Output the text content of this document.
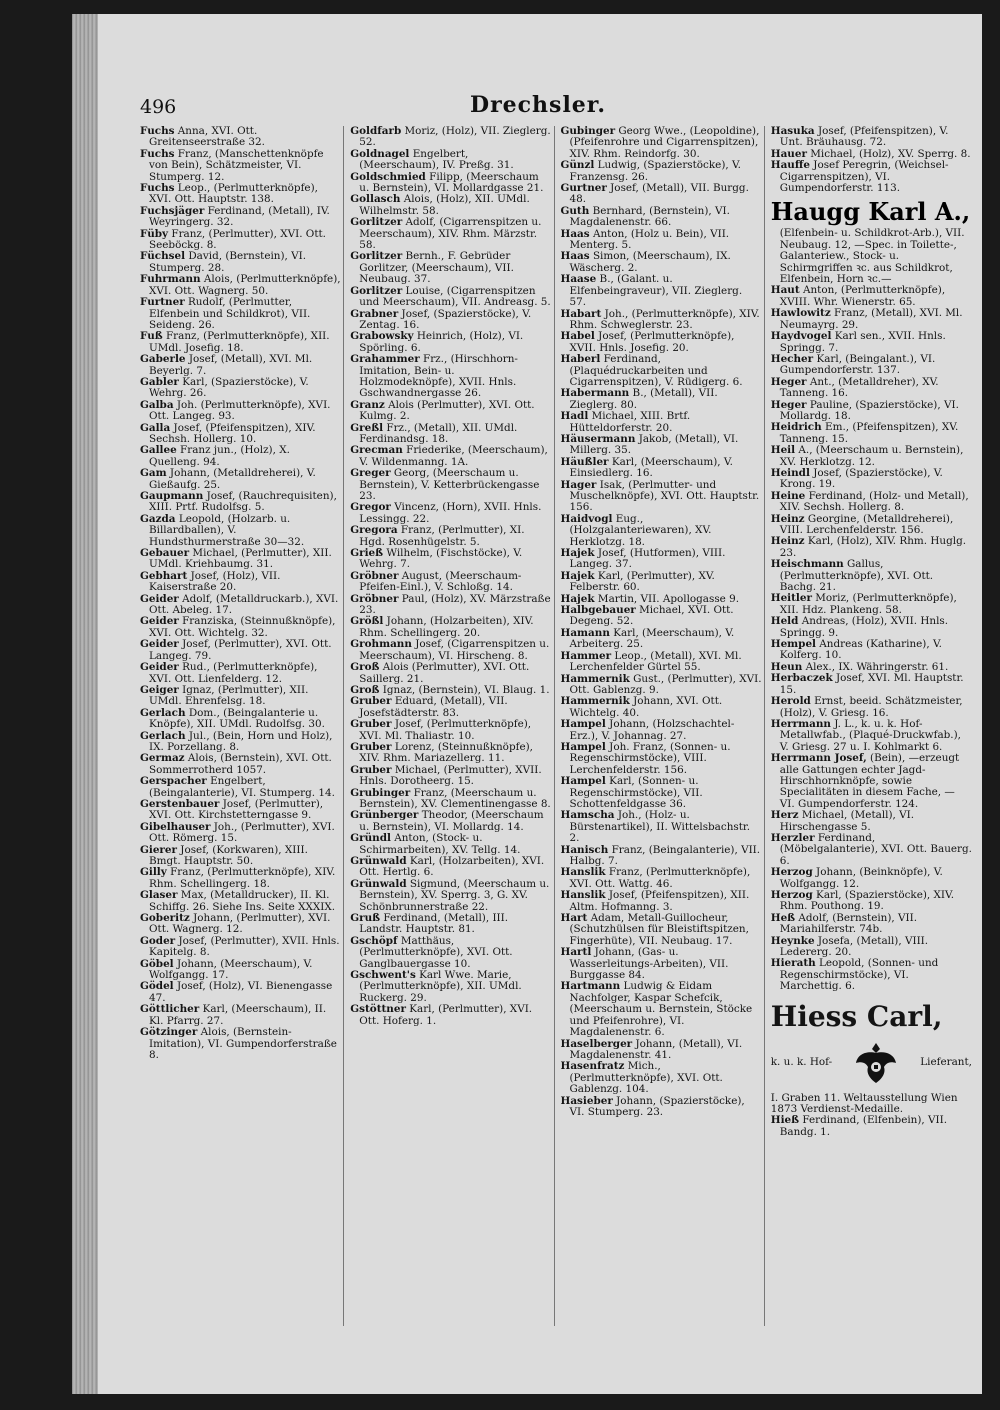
496	Drechsler.
Fuchs Anna, XVI. Ott. Greitenseerstraße 32.
Fuchs Franz, (Manschettenknöpfe von Bein), Schätzmeister, VI. Stumperg. 12.
Fuchs Leop., (Perlmutterknöpfe), XVI. Ott. Hauptstr. 138.
Fuchsjäger Ferdinand, (Metall), IV. Weyringerg. 32.
Füby Franz, (Perlmutter), XVI. Ott. Seeböckg. 8.
Füchsel David, (Bernstein), VI. Stumperg. 28.
Fuhrmann Alois, (Perlmutterknöpfe), XVI. Ott. Wagnerg. 50.
Furtner Rudolf, (Perlmutter, Elfenbein und Schildkrot), VII. Seideng. 26.
Fuß Franz, (Perlmutterknöpfe), XII. UMdl. Josefig. 18.
Gaberle Josef, (Metall), XVI. Ml. Beyerlg. 7.
Gabler Karl, (Spazierstöcke), V. Wehrg. 26.
Galba Joh. (Perlmutterknöpfe), XVI. Ott. Langeg. 93.
Galla Josef, (Pfeifenspitzen), XIV. Sechsh. Hollerg. 10.
Gallee Franz jun., (Holz), X. Quelleng. 94.
Gam Johann, (Metalldreherei), V. Gießaufg. 25.
Gaupmann Josef, (Rauchrequisiten), XIII. Prtf. Rudolfsg. 5.
Gazda Leopold, (Holzarb. u. Billardballen), V. Hundsthurmerstraße 30—32.
Gebauer Michael, (Perlmutter), XII. UMdl. Kriehbaumg. 31.
Gebhart Josef, (Holz), VII. Kaiserstraße 20.
Geider Adolf, (Metalldruckarb.), XVI. Ott. Abeleg. 17.
Geider Franziska, (Steinnußknöpfe), XVI. Ott. Wichtelg. 32.
Geider Josef, (Perlmutter), XVI. Ott. Langeg. 79.
Geider Rud., (Perlmutterknöpfe), XVI. Ott. Lienfelderg. 12.
Geiger Ignaz, (Perlmutter), XII. UMdl. Ehrenfelsg. 18.
Gerlach Dom., (Beingalanterie u. Knöpfe), XII. UMdl. Rudolfsg. 30.
Gerlach Jul., (Bein, Horn und Holz), IX. Porzellang. 8.
Germaz Alois, (Bernstein), XVI. Ott. Sommerrotherd 1057.
Gerspacher Engelbert, (Beingalanterie), VI. Stumperg. 14.
Gerstenbauer Josef, (Perlmutter), XVI. Ott. Kirchstetterngasse 9.
Gibelhauser Joh., (Perlmutter), XVI. Ott. Römerg. 15.
Gierer Josef, (Korkwaren), XIII. Bmgt. Hauptstr. 50.
Gilly Franz, (Perlmutterknöpfe), XIV. Rhm. Schellingerg. 18.
Glaser Max, (Metalldrucker), II. Kl. Schiffg. 26. Siehe Ins. Seite XXXIX.
Goberitz Johann, (Perlmutter), XVI. Ott. Wagnerg. 12.
Goder Josef, (Perlmutter), XVII. Hnls. Kapitelg. 8.
Göbel Johann, (Meerschaum), V. Wolfgangg. 17.
Gödel Josef, (Holz), VI. Bienengasse 47.
Göttlicher Karl, (Meerschaum), II. Kl. Pfarrg. 27.
Götzinger Alois, (Bernstein-Imitation), VI. Gumpendorferstraße 8.
Goldfarb Moriz, (Holz), VII. Zieglerg. 52.
Goldnagel Engelbert, (Meerschaum), IV. Preßg. 31.
Goldschmied Filipp, (Meerschaum u. Bernstein), VI. Mollardgasse 21.
Gollasch Alois, (Holz), XII. UMdl. Wilhelmstr. 58.
Gorlitzer Adolf, (Cigarrenspitzen u. Meerschaum), XIV. Rhm. Märzstr. 58.
Gorlitzer Bernh., F. Gebrüder Gorlitzer, (Meerschaum), VII. Neubaug. 37.
Gorlitzer Louise, (Cigarrenspitzen und Meerschaum), VII. Andreasg. 5.
Grabner Josef, (Spazierstöcke), V. Zentag. 16.
Grabowsky Heinrich, (Holz), VI. Spörling. 6.
Grahammer Frz., (Hirschhorn-Imitation, Bein- u. Holzmodeknöpfe), XVII. Hnls. Gschwandnergasse 26.
Granz Alois (Perlmutter), XVI. Ott. Kulmg. 2.
Greßl Frz., (Metall), XII. UMdl. Ferdinandsg. 18.
Grecman Friederike, (Meerschaum), V. Wildenmanng. 1A.
Greger Georg, (Meerschaum u. Bernstein), V. Ketterbrückengasse 23.
Gregor Vincenz, (Horn), XVII. Hnls. Lessingg. 22.
Gregora Franz, (Perlmutter), XI. Hgd. Rosenhügelstr. 5.
Grieß Wilhelm, (Fischstöcke), V. Wehrg. 7.
Gröbner August, (Meerschaum-Pfeifen-Einl.), V. Schloßg. 14.
Gröbner Paul, (Holz), XV. Märzstraße 23.
Größl Johann, (Holzarbeiten), XIV. Rhm. Schellingerg. 20.
Grohmann Josef, (Cigarrenspitzen u. Meerschaum), VI. Hirscheng. 8.
Groß Alois (Perlmutter), XVI. Ott. Saillerg. 21.
Groß Ignaz, (Bernstein), VI. Blaug. 1.
Gruber Eduard, (Metall), VII. Josefstädterstr. 83.
Gruber Josef, (Perlmutterknöpfe), XVI. Ml. Thaliastr. 10.
Gruber Lorenz, (Steinnußknöpfe), XIV. Rhm. Mariazellerg. 11.
Gruber Michael, (Perlmutter), XVII. Hnls. Dorotheerg. 15.
Grubinger Franz, (Meerschaum u. Bernstein), XV. Clementinengasse 8.
Grünberger Theodor, (Meerschaum u. Bernstein), VI. Mollardg. 14.
Gründl Anton, (Stock- u. Schirmarbeiten), XV. Tellg. 14.
Grünwald Karl, (Holzarbeiten), XVI. Ott. Hertlg. 6.
Grünwald Sigmund, (Meerschaum u. Bernstein), XV. Sperrg. 3, G. XV. Schönbrunnerstraße 22.
Gruß Ferdinand, (Metall), III. Landstr. Hauptstr. 81.
Gschöpf Matthäus, (Perlmutterknöpfe), XVI. Ott. Ganglbauergasse 10.
Gschwent's Karl Wwe. Marie, (Perlmutterknöpfe), XII. UMdl. Ruckerg. 29.
Gstöttner Karl, (Perlmutter), XVI. Ott. Hoferg. 1.
Gubinger Georg Wwe., (Leopoldine), (Pfeifenrohre und Cigarrenspitzen), XIV. Rhm. Reindorfg. 30.
Günzl Ludwig, (Spazierstöcke), V. Franzensg. 26.
Gurtner Josef, (Metall), VII. Burgg. 48.
Guth Bernhard, (Bernstein), VI. Magdalenenstr. 66.
Haas Anton, (Holz u. Bein), VII. Menterg. 5.
Haas Simon, (Meerschaum), IX. Wäscherg. 2.
Haase B., (Galant. u. Elfenbeingraveur), VII. Zieglerg. 57.
Habart Joh., (Perlmutterknöpfe), XIV. Rhm. Schweglerstr. 23.
Habel Josef, (Perlmutterknöpfe), XVII. Hnls. Josefig. 20.
Haberl Ferdinand, (Plaquédruckarbeiten und Cigarrenspitzen), V. Rüdigerg. 6.
Habermann B., (Metall), VII. Zieglerg. 80.
Hadl Michael, XIII. Brtf. Hütteldorferstr. 20.
Häusermann Jakob, (Metall), VI. Millerg. 35.
Häußler Karl, (Meerschaum), V. Einsiedlerg. 16.
Hager Isak, (Perlmutter- und Muschelknöpfe), XVI. Ott. Hauptstr. 156.
Haidvogl Eug., (Holzgalanteriewaren), XV. Herklotzg. 18.
Hajek Josef, (Hutformen), VIII. Langeg. 37.
Hajek Karl, (Perlmutter), XV. Felberstr. 60.
Hajek Martin, VII. Apollogasse 9.
Halbgebauer Michael, XVI. Ott. Degeng. 52.
Hamann Karl, (Meerschaum), V. Arbeiterg. 25.
Hammer Leop., (Metall), XVI. Ml. Lerchenfelder Gürtel 55.
Hammernik Gust., (Perlmutter), XVI. Ott. Gablenzg. 9.
Hammernik Johann, XVI. Ott. Wichtelg. 40.
Hampel Johann, (Holzschachtel-Erz.), V. Johannag. 27.
Hampel Joh. Franz, (Sonnen- u. Regenschirmstöcke), VIII. Lerchenfelderstr. 156.
Hampel Karl, (Sonnen- u. Regenschirmstöcke), VII. Schottenfeldgasse 36.
Hamscha Joh., (Holz- u. Bürstenartikel), II. Wittelsbachstr. 2.
Hanisch Franz, (Beingalanterie), VII. Halbg. 7.
Hanslik Franz, (Perlmutterknöpfe), XVI. Ott. Wattg. 46.
Hanslik Josef, (Pfeifenspitzen), XII. Altm. Hofmanng. 3.
Hart Adam, Metall-Guillocheur, (Schutzhülsen für Bleistiftspitzen, Fingerhüte), VII. Neubaug. 17.
Hartl Johann, (Gas- u. Wasserleitungs-Arbeiten), VII. Burggasse 84.
Hartmann Ludwig & Eidam Nachfolger, Kaspar Schefcik, (Meerschaum u. Bernstein, Stöcke und Pfeifenrohre), VI. Magdalenenstr. 6.
Haselberger Johann, (Metall), VI. Magdalenenstr. 41.
Hasenfratz Mich., (Perlmutterknöpfe), XVI. Ott. Gablenzg. 104.
Hasieber Johann, (Spazierstöcke), VI. Stumperg. 23.
Hasuka Josef, (Pfeifenspitzen), V. Unt. Bräuhausg. 72.
Hauer Michael, (Holz), XV. Sperrg. 8.
Hauffe Josef Peregrin, (Weichsel-Cigarrenspitzen), VI. Gumpendorferstr. 113.
Haugg Karl A.,
(Elfenbein- u. Schildkrot-Arb.), VII. Neubaug. 12, —Spec. in Toilette-, Galanteriew., Stock- u. Schirmgriffen ꝛc. aus Schildkrot, Elfenbein, Horn ꝛc.—
Haut Anton, (Perlmutterknöpfe), XVIII. Whr. Wienerstr. 65.
Hawlowitz Franz, (Metall), XVI. Ml. Neumayrg. 29.
Haydvogel Karl sen., XVII. Hnls. Springg. 7.
Hecher Karl, (Beingalant.), VI. Gumpendorferstr. 137.
Heger Ant., (Metalldreher), XV. Tanneng. 16.
Heger Pauline, (Spazierstöcke), VI. Mollardg. 18.
Heidrich Em., (Pfeifenspitzen), XV. Tanneng. 15.
Heil A., (Meerschaum u. Bernstein), XV. Herklotzg. 12.
Heindl Josef, (Spazierstöcke), V. Krong. 19.
Heine Ferdinand, (Holz- und Metall), XIV. Sechsh. Hollerg. 8.
Heinz Georgine, (Metalldreherei), VIII. Lerchenfelderstr. 156.
Heinz Karl, (Holz), XIV. Rhm. Huglg. 23.
Heischmann Gallus, (Perlmutterknöpfe), XVI. Ott. Bachg. 21.
Heitler Moriz, (Perlmutterknöpfe), XII. Hdz. Plankeng. 58.
Held Andreas, (Holz), XVII. Hnls. Springg. 9.
Hempel Andreas (Katharine), V. Kolferg. 10.
Heun Alex., IX. Währingerstr. 61.
Herbaczek Josef, XVI. Ml. Hauptstr. 15.
Herold Ernst, beeid. Schätzmeister, (Holz), V. Griesg. 16.
Herrmann J. L., k. u. k. Hof-Metallwfab., (Plaqué-Druckwfab.), V. Griesg. 27 u. I. Kohlmarkt 6.
Herrmann Josef, (Bein), —erzeugt alle Gattungen echter Jagd-Hirschhornknöpfe, sowie Specialitäten in diesem Fache, — VI. Gumpendorferstr. 124.
Herz Michael, (Metall), VI. Hirschengasse 5.
Herzler Ferdinand, (Möbelgalanterie), XVI. Ott. Bauerg. 6.
Herzog Johann, (Beinknöpfe), V. Wolfgangg. 12.
Herzog Karl, (Spazierstöcke), XIV. Rhm. Pouthong. 19.
Heß Adolf, (Bernstein), VII. Mariahilferstr. 74b.
Heynke Josefa, (Metall), VIII. Ledererg. 20.
Hierath Leopold, (Sonnen- und Regenschirmstöcke), VI. Marchettig. 6.
Hiess Carl,
k. u. k. Hof-	Lieferant,
I. Graben 11. Weltausstellung Wien 1873 Verdienst-Medaille.
Hieß Ferdinand, (Elfenbein), VII. Bandg. 1.
